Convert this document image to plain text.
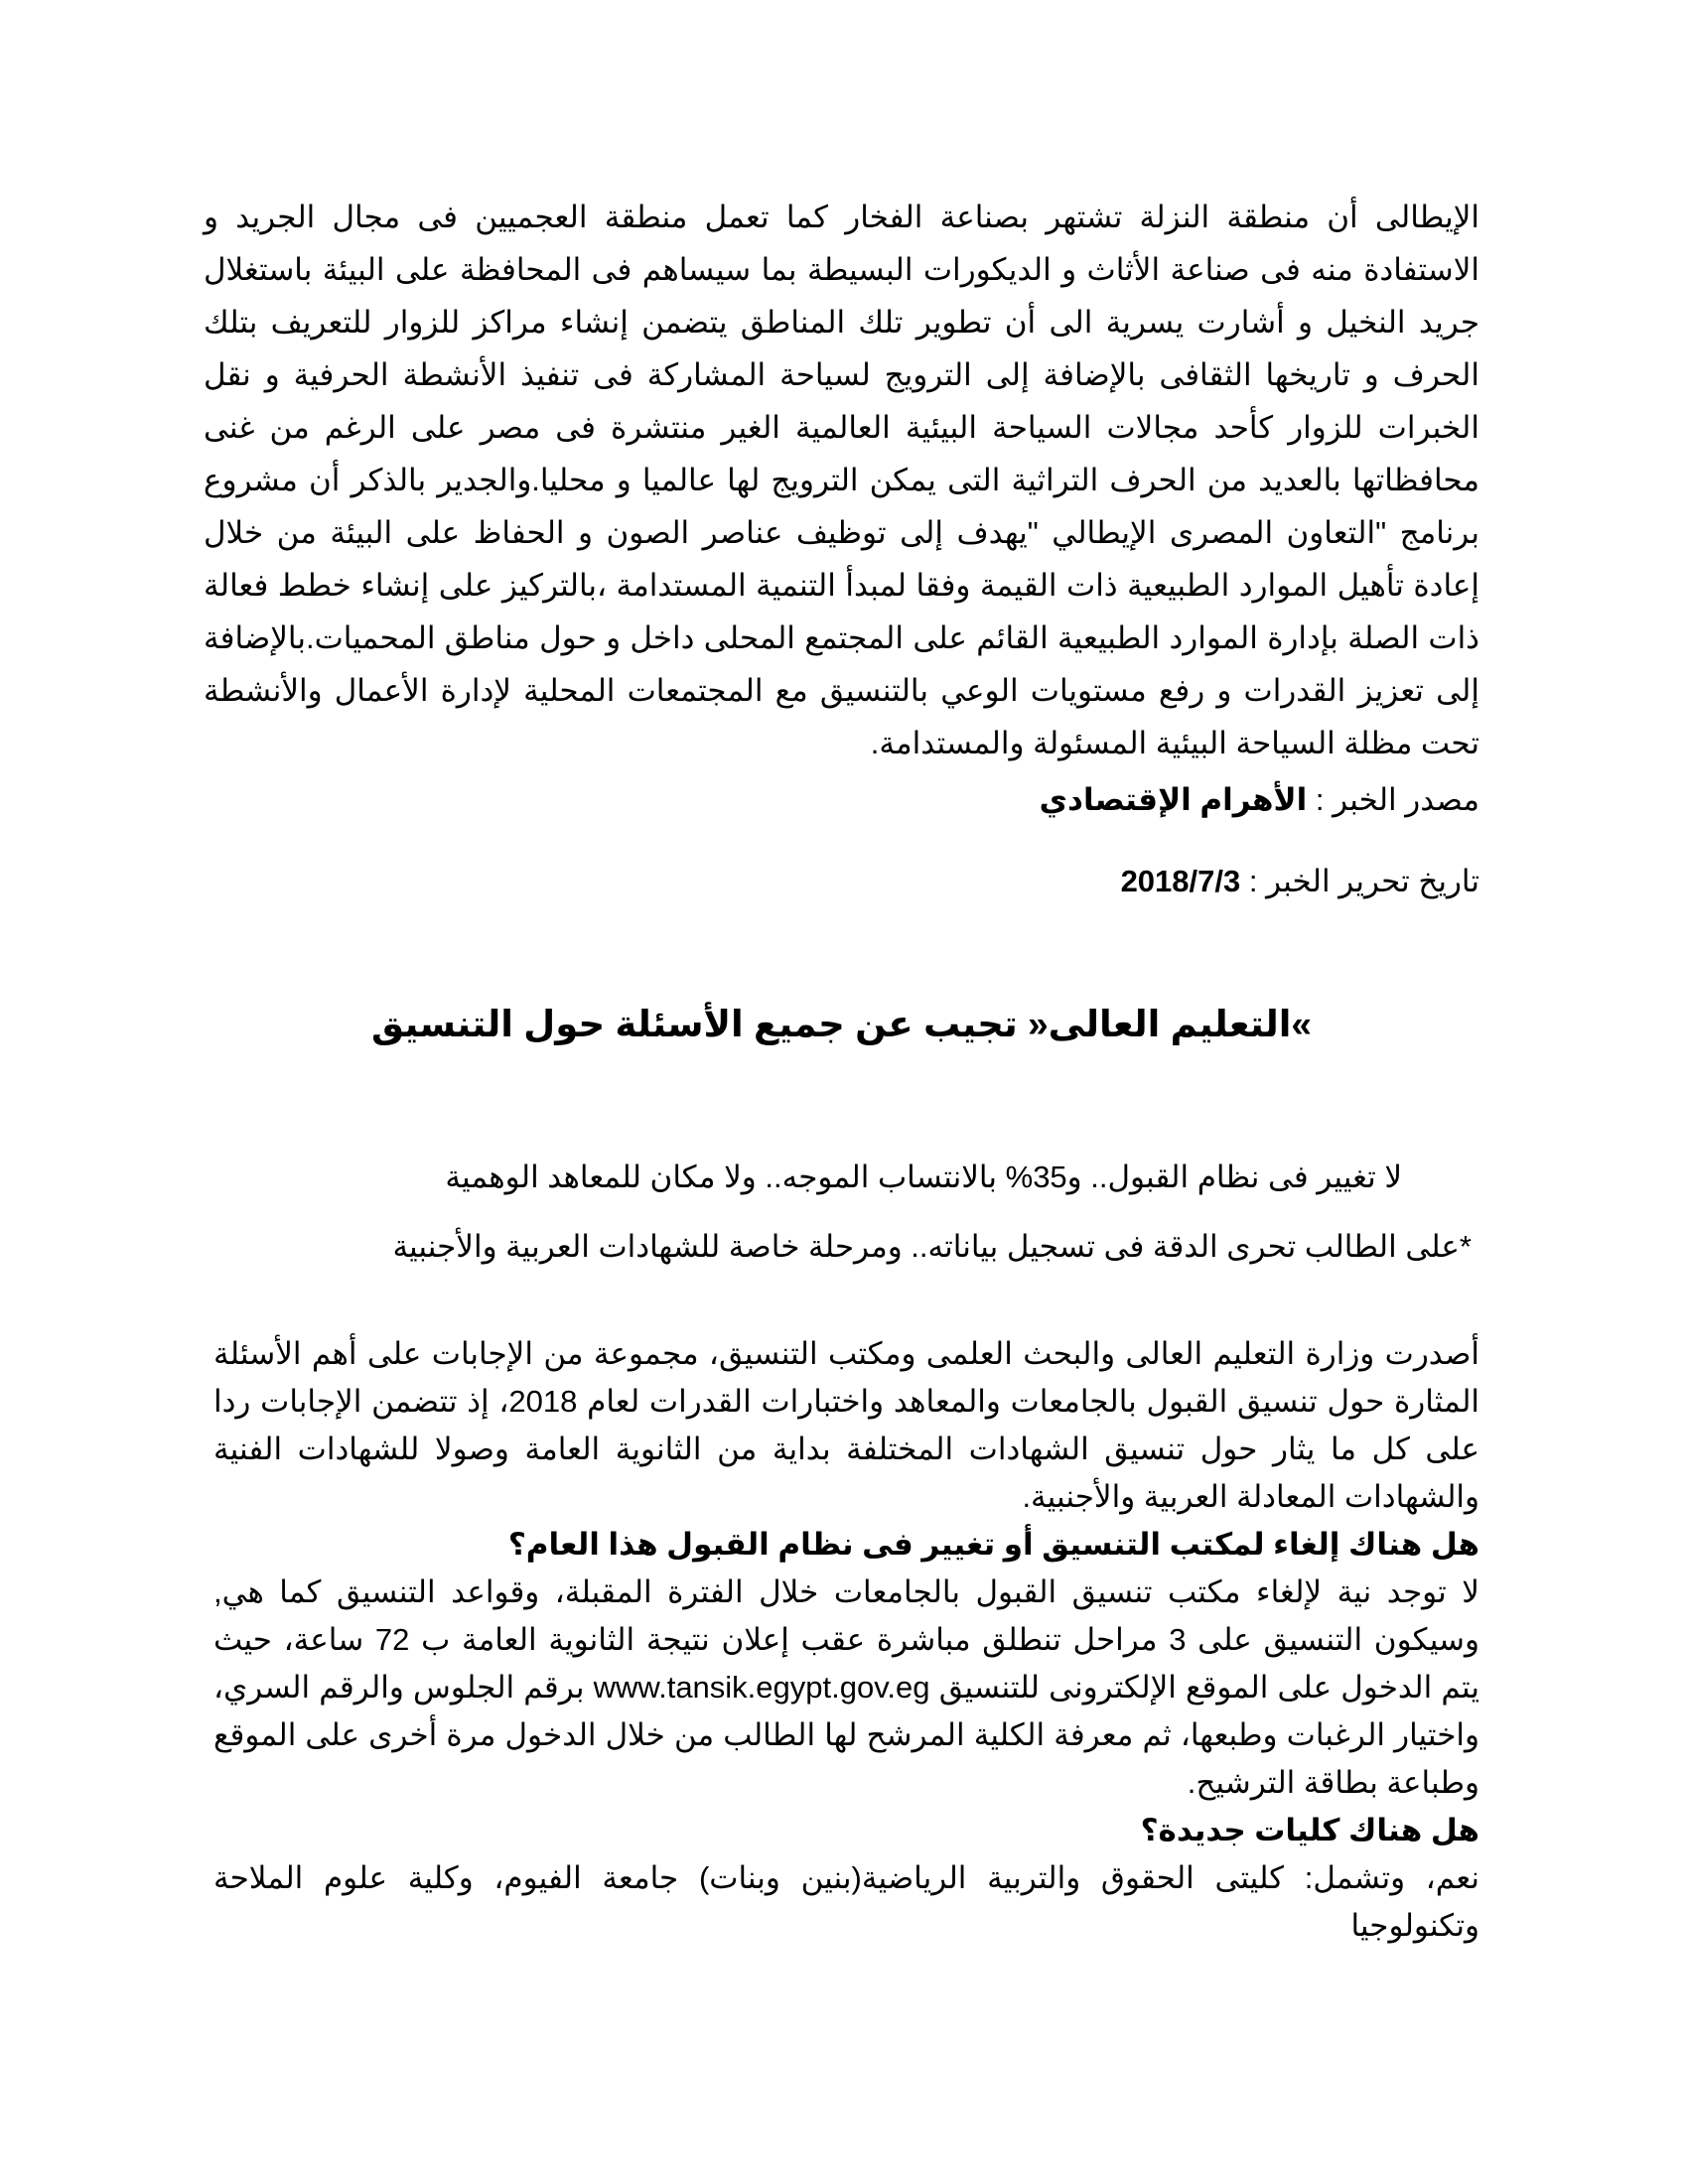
الإيطالى أن منطقة النزلة تشتهر بصناعة الفخار كما تعمل منطقة العجميين فى مجال الجريد و الاستفادة منه فى صناعة الأثاث و الديكورات البسيطة بما سيساهم فى المحافظة على البيئة باستغلال جريد النخيل و أشارت يسرية الى أن تطوير تلك المناطق يتضمن إنشاء مراكز للزوار للتعريف بتلك الحرف و تاريخها الثقافى بالإضافة إلى الترويج لسياحة المشاركة فى تنفيذ الأنشطة الحرفية و نقل الخبرات للزوار كأحد مجالات السياحة البيئية العالمية الغير منتشرة فى مصر على الرغم من غنى محافظاتها بالعديد من الحرف التراثية التى يمكن الترويج لها عالميا و محليا.والجدير بالذكر أن مشروع برنامج "التعاون المصرى الإيطالي "يهدف إلى توظيف عناصر الصون و الحفاظ على البيئة من خلال إعادة تأهيل الموارد الطبيعية ذات القيمة وفقا لمبدأ التنمية المستدامة ،بالتركيز على إنشاء خطط فعالة ذات الصلة بإدارة الموارد الطبيعية القائم على المجتمع المحلى داخل و حول مناطق المحميات.بالإضافة إلى تعزيز القدرات و رفع مستويات الوعي بالتنسيق مع المجتمعات المحلية لإدارة الأعمال والأنشطة تحت مظلة السياحة البيئية المسئولة والمستدامة.
مصدر الخبر : الأهرام الإقتصادي
تاريخ تحرير الخبر : 2018/7/3
»التعليم العالى« تجيب عن جميع الأسئلة حول التنسيق
لا تغيير فى نظام القبول.. و35% بالانتساب الموجه.. ولا مكان للمعاهد الوهمية
*على الطالب تحرى الدقة فى تسجيل بياناته.. ومرحلة خاصة للشهادات العربية والأجنبية

أصدرت وزارة التعليم العالى والبحث العلمى ومكتب التنسيق، مجموعة من الإجابات على أهم الأسئلة المثارة حول تنسيق القبول بالجامعات والمعاهد واختبارات القدرات لعام 2018، إذ تتضمن الإجابات ردا على كل ما يثار حول تنسيق الشهادات المختلفة بداية من الثانوية العامة وصولا للشهادات الفنية والشهادات المعادلة العربية والأجنبية.

هل هناك إلغاء لمكتب التنسيق أو تغيير فى نظام القبول هذا العام؟

لا توجد نية لإلغاء مكتب تنسيق القبول بالجامعات خلال الفترة المقبلة، وقواعد التنسيق كما هي, وسيكون التنسيق على 3 مراحل تنطلق مباشرة عقب إعلان نتيجة الثانوية العامة ب 72 ساعة، حيث يتم الدخول على الموقع الإلكترونى للتنسيق www.tansik.egypt.gov.eg برقم الجلوس والرقم السري، واختيار الرغبات وطبعها، ثم معرفة الكلية المرشح لها الطالب من خلال الدخول مرة أخرى على الموقع وطباعة بطاقة الترشيح.

هل هناك كليات جديدة؟

نعم، وتشمل: كليتى الحقوق والتربية الرياضية(بنين وبنات) جامعة الفيوم، وكلية علوم الملاحة وتكنولوجيا
